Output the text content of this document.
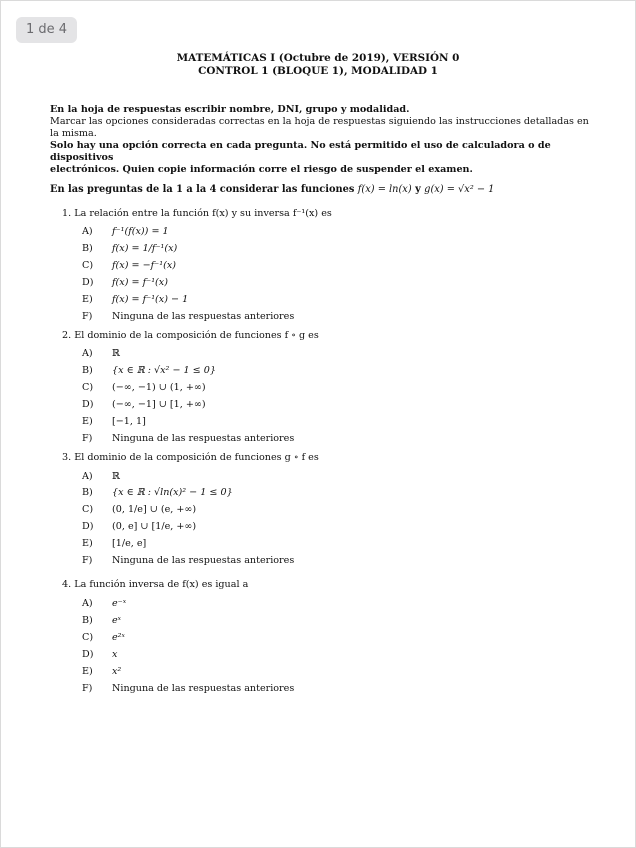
1 de 4
MATEMÁTICAS I (Octubre de 2019), VERSIÓN 0
CONTROL 1 (BLOQUE 1), MODALIDAD 1
En la hoja de respuestas escribir nombre, DNI, grupo y modalidad.
Marcar las opciones consideradas correctas en la hoja de respuestas siguiendo las instrucciones detalladas en la misma.
Solo hay una opción correcta en cada pregunta. No está permitido el uso de calculadora o de dispositivos
electrónicos. Quien copie información corre el riesgo de suspender el examen.
En las preguntas de la 1 a la 4 considerar las funciones f(x) = ln(x) y g(x) = √x² − 1
1. La relación entre la función f(x) y su inversa f⁻¹(x) es
A) f⁻¹(f(x)) = 1
B) f(x) = 1/f⁻¹(x)
C) f(x) = −f⁻¹(x)
D) f(x) = f⁻¹(x)
E) f(x) = f⁻¹(x) − 1
F) Ninguna de las respuestas anteriores
2. El dominio de la composición de funciones f ∘ g es
A) ℝ
B) {x ∈ ℝ : √x² − 1 ≤ 0}
C) (−∞, −1) ∪ (1, +∞)
D) (−∞, −1] ∪ [1, +∞)
E) [−1, 1]
F) Ninguna de las respuestas anteriores
3. El dominio de la composición de funciones g ∘ f es
A) ℝ
B) {x ∈ ℝ : √ln(x)² − 1 ≤ 0}
C) (0, 1/e] ∪ (e, +∞)
D) (0, e] ∪ [1/e, +∞)
E) [1/e, e]
F) Ninguna de las respuestas anteriores
4. La función inversa de f(x) es igual a
A) e⁻ˣ
B) eˣ
C) e²ˣ
D) x
E) x²
F) Ninguna de las respuestas anteriores
